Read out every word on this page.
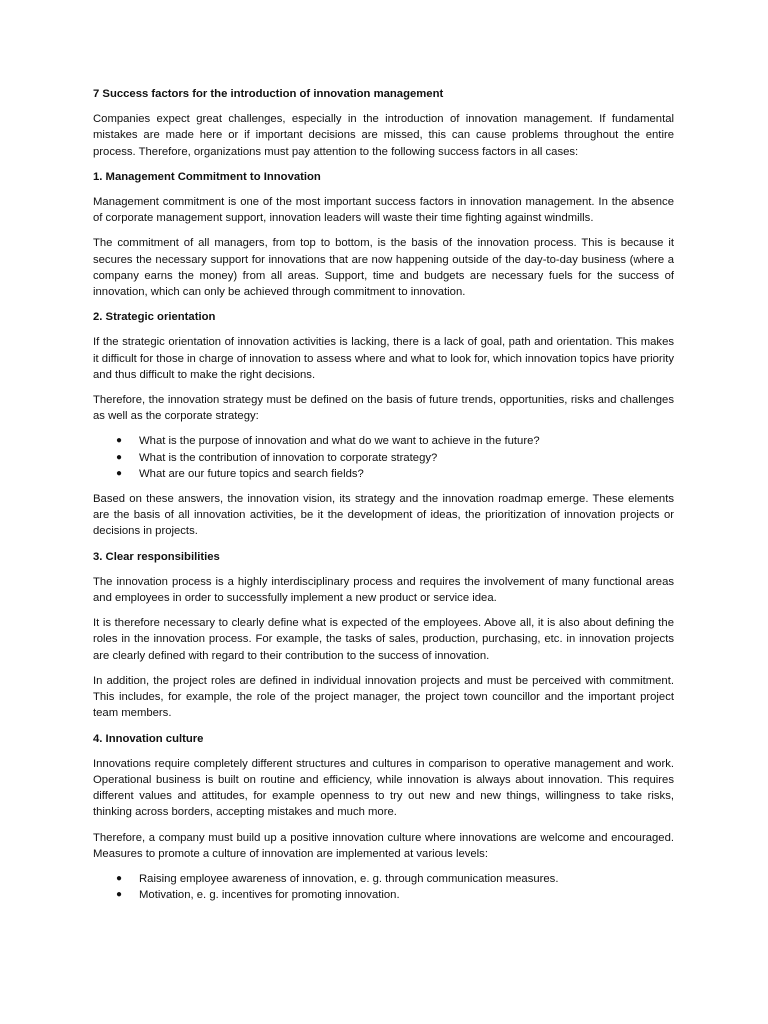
7 Success factors for the introduction of innovation management

Companies expect great challenges, especially in the introduction of innovation management. If fundamental mistakes are made here or if important decisions are missed, this can cause problems throughout the entire process. Therefore, organizations must pay attention to the following success factors in all cases:

1. Management Commitment to Innovation

Management commitment is one of the most important success factors in innovation management. In the absence of corporate management support, innovation leaders will waste their time fighting against windmills.

The commitment of all managers, from top to bottom, is the basis of the innovation process. This is because it secures the necessary support for innovations that are now happening outside of the day-to-day business (where a company earns the money) from all areas. Support, time and budgets are necessary fuels for the success of innovation, which can only be achieved through commitment to innovation.

2. Strategic orientation

If the strategic orientation of innovation activities is lacking, there is a lack of goal, path and orientation. This makes it difficult for those in charge of innovation to assess where and what to look for, which innovation topics have priority and thus difficult to make the right decisions.

Therefore, the innovation strategy must be defined on the basis of future trends, opportunities, risks and challenges as well as the corporate strategy:

● What is the purpose of innovation and what do we want to achieve in the future?
● What is the contribution of innovation to corporate strategy?
● What are our future topics and search fields?

Based on these answers, the innovation vision, its strategy and the innovation roadmap emerge. These elements are the basis of all innovation activities, be it the development of ideas, the prioritization of innovation projects or decisions in projects.

3. Clear responsibilities

The innovation process is a highly interdisciplinary process and requires the involvement of many functional areas and employees in order to successfully implement a new product or service idea.

It is therefore necessary to clearly define what is expected of the employees. Above all, it is also about defining the roles in the innovation process. For example, the tasks of sales, production, purchasing, etc. in innovation projects are clearly defined with regard to their contribution to the success of innovation.

In addition, the project roles are defined in individual innovation projects and must be perceived with commitment. This includes, for example, the role of the project manager, the project town councillor and the important project team members.

4. Innovation culture

Innovations require completely different structures and cultures in comparison to operative management and work. Operational business is built on routine and efficiency, while innovation is always about innovation. This requires different values and attitudes, for example openness to try out new and new things, willingness to take risks, thinking across borders, accepting mistakes and much more.

Therefore, a company must build up a positive innovation culture where innovations are welcome and encouraged. Measures to promote a culture of innovation are implemented at various levels:

● Raising employee awareness of innovation, e. g. through communication measures.
● Motivation, e. g. incentives for promoting innovation.
